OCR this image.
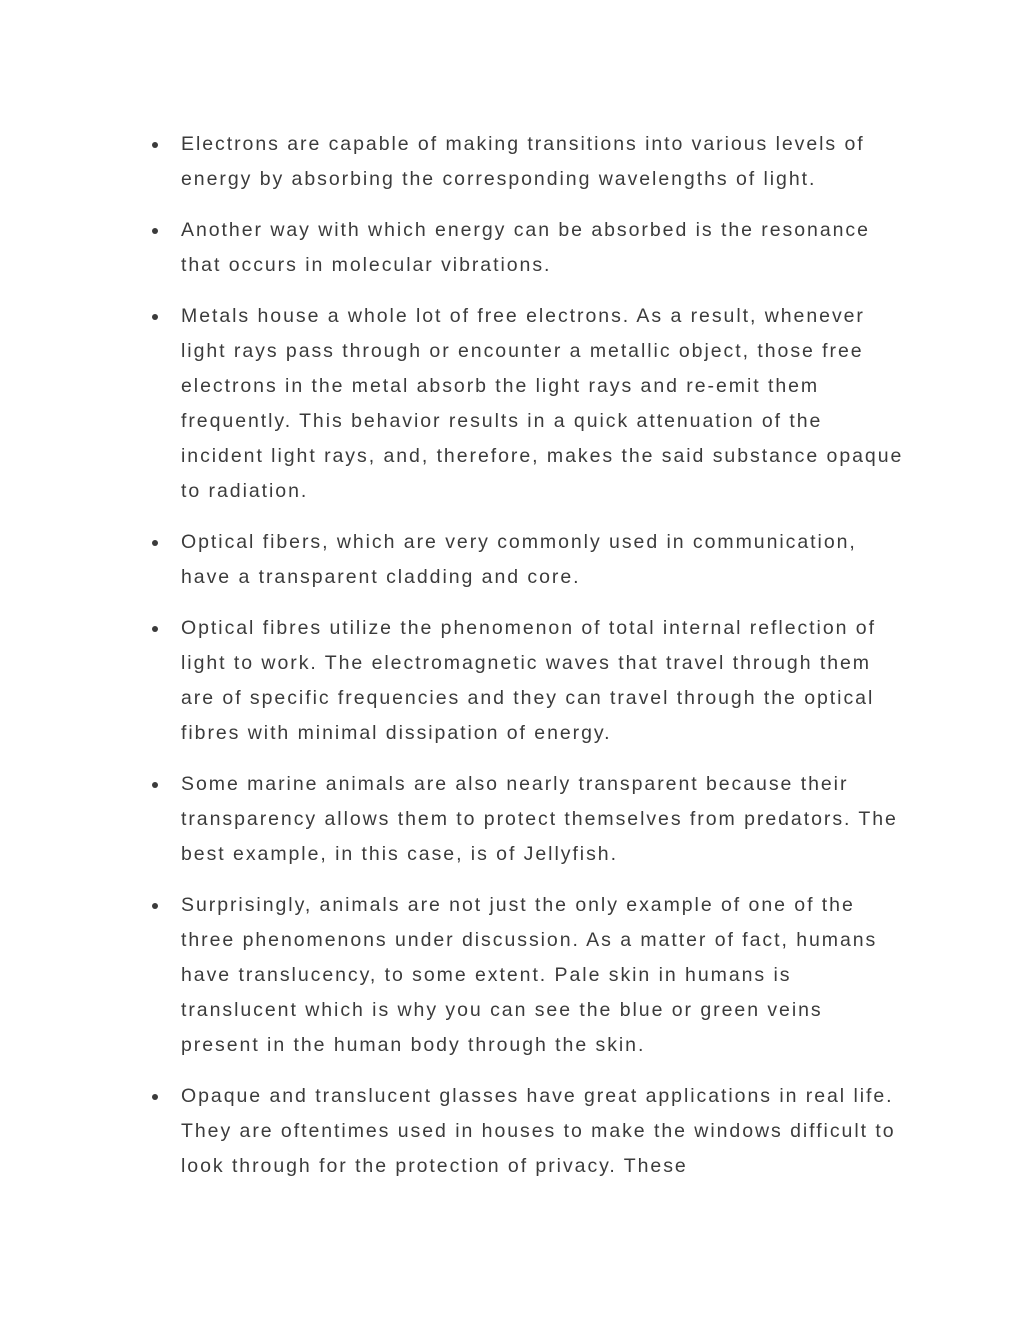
Electrons are capable of making transitions into various levels of energy by absorbing the corresponding wavelengths of light.
Another way with which energy can be absorbed is the resonance that occurs in molecular vibrations.
Metals house a whole lot of free electrons. As a result, whenever light rays pass through or encounter a metallic object, those free electrons in the metal absorb the light rays and re-emit them frequently. This behavior results in a quick attenuation of the incident light rays, and, therefore, makes the said substance opaque to radiation.
Optical fibers, which are very commonly used in communication, have a transparent cladding and core.
Optical fibres utilize the phenomenon of total internal reflection of light to work. The electromagnetic waves that travel through them are of specific frequencies and they can travel through the optical fibres with minimal dissipation of energy.
Some marine animals are also nearly transparent because their transparency allows them to protect themselves from predators. The best example, in this case, is of Jellyfish.
Surprisingly, animals are not just the only example of one of the three phenomenons under discussion. As a matter of fact, humans have translucency, to some extent. Pale skin in humans is translucent which is why you can see the blue or green veins present in the human body through the skin.
Opaque and translucent glasses have great applications in real life. They are oftentimes used in houses to make the windows difficult to look through for the protection of privacy. These
